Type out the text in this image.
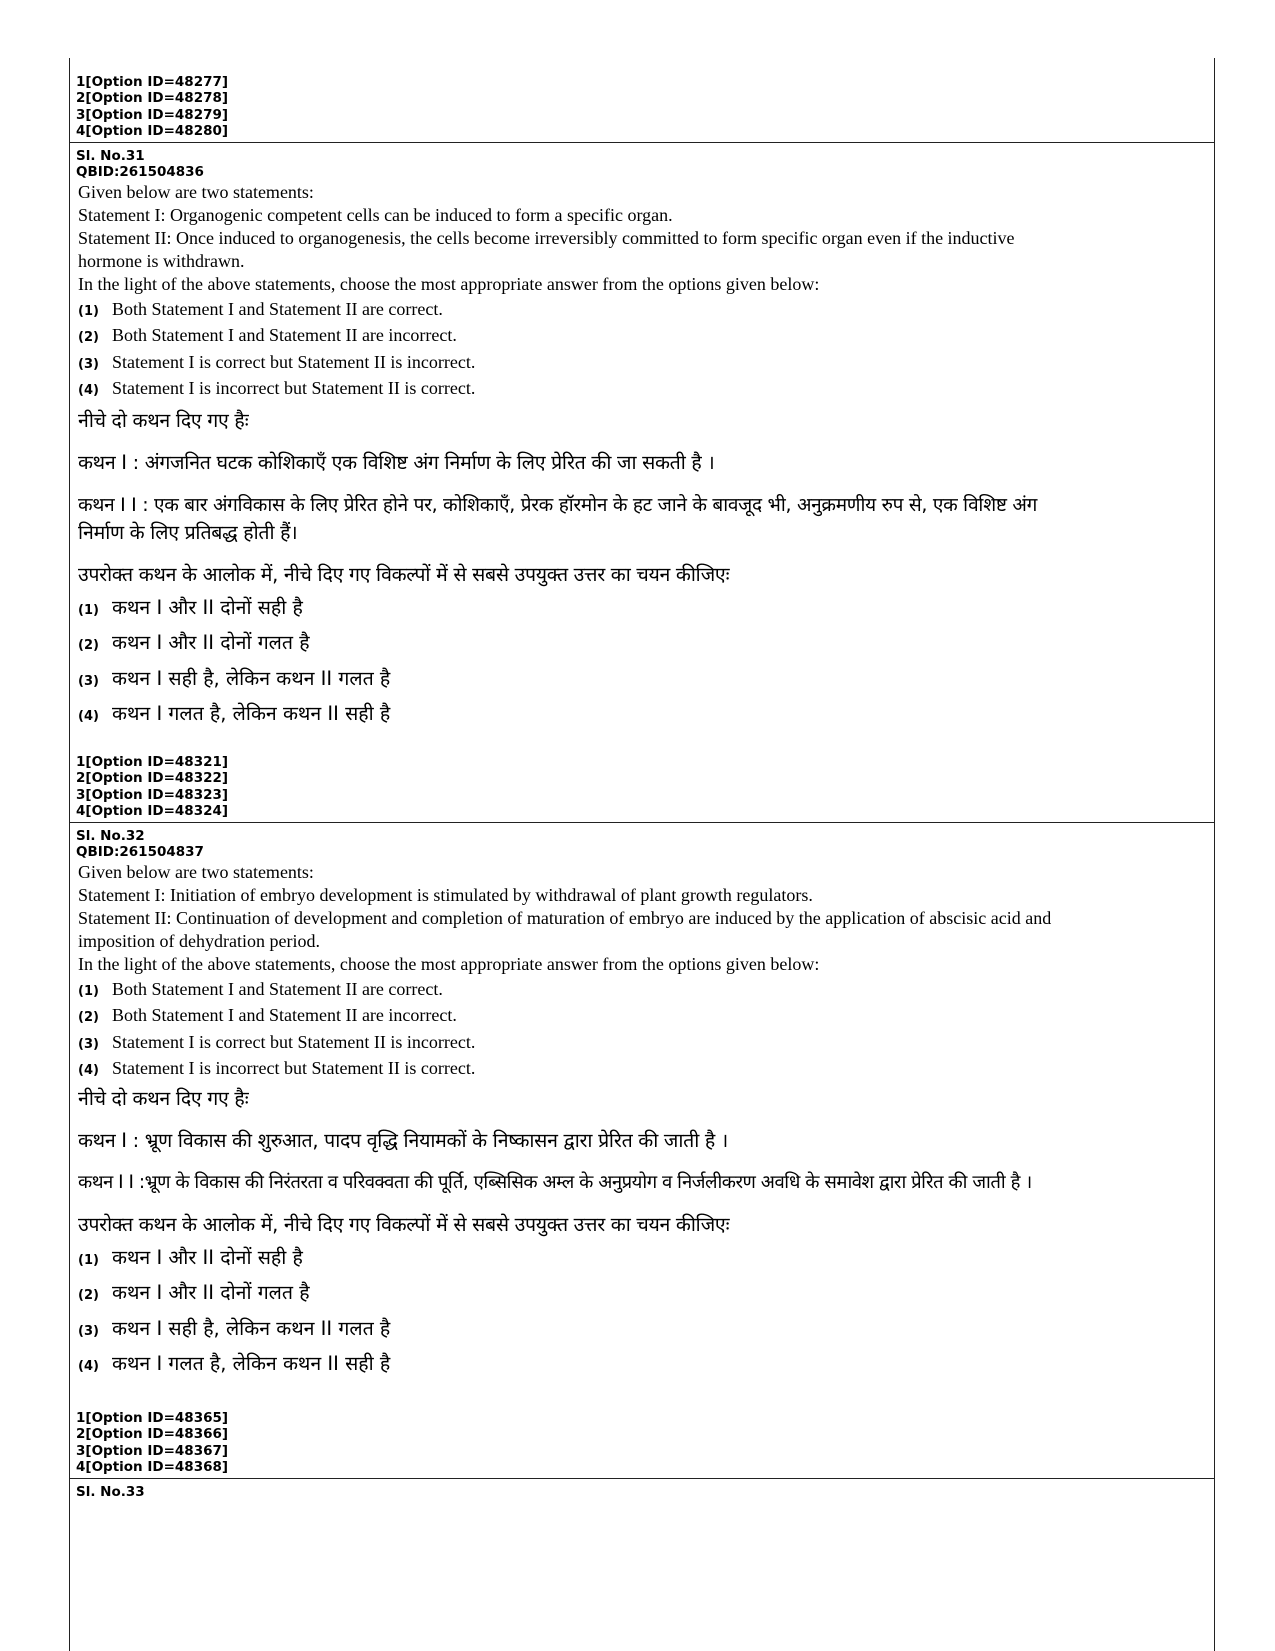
1[Option ID=48277]
2[Option ID=48278]
3[Option ID=48279]
4[Option ID=48280]
Sl. No.31
QBID:261504836
Given below are two statements:
Statement I: Organogenic competent cells can be induced to form a specific organ.
Statement II: Once induced to organogenesis, the cells become irreversibly committed to form specific organ even if the inductive
hormone is withdrawn.
In the light of the above statements, choose the most appropriate answer from the options given below:
(1) Both Statement I and Statement II are correct.
(2) Both Statement I and Statement II are incorrect.
(3) Statement I is correct but Statement II is incorrect.
(4) Statement I is incorrect but Statement II is correct.
नीचे दो कथन दिए गए हैः
कथन I : अंगजनित घटक कोशिकाएँ एक विशिष्ट अंग निर्माण के लिए प्रेरित की जा सकती है ।
कथन I I : एक बार अंगविकास के लिए प्रेरित होने पर, कोशिकाएँ, प्रेरक हॉरमोन के हट जाने के बावजूद भी, अनुक्रमणीय रुप से, एक विशिष्ट अंग
निर्माण के लिए प्रतिबद्ध होती हैं।
उपरोक्त कथन के आलोक में, नीचे दिए गए विकल्पों में से सबसे उपयुक्त उत्तर का चयन कीजिएः
(1) कथन I और II दोनों सही है
(2) कथन I और II दोनों गलत है
(3) कथन I सही है, लेकिन कथन II गलत है
(4) कथन I गलत है, लेकिन कथन II सही है
1[Option ID=48321]
2[Option ID=48322]
3[Option ID=48323]
4[Option ID=48324]
Sl. No.32
QBID:261504837
Given below are two statements:
Statement I: Initiation of embryo development is stimulated by withdrawal of plant growth regulators.
Statement II: Continuation of development and completion of maturation of embryo are induced by the application of abscisic acid and
imposition of dehydration period.
In the light of the above statements, choose the most appropriate answer from the options given below:
(1) Both Statement I and Statement II are correct.
(2) Both Statement I and Statement II are incorrect.
(3) Statement I is correct but Statement II is incorrect.
(4) Statement I is incorrect but Statement II is correct.
नीचे दो कथन दिए गए हैः
कथन I : भ्रूण विकास की शुरुआत, पादप वृद्धि नियामकों के निष्कासन द्वारा प्रेरित की जाती है ।
कथन I I :भ्रूण के विकास की निरंतरता व परिवक्वता की पूर्ति, एब्सिसिक अम्ल के अनुप्रयोग व निर्जलीकरण अवधि के समावेश द्वारा प्रेरित की जाती है ।
उपरोक्त कथन के आलोक में, नीचे दिए गए विकल्पों में से सबसे उपयुक्त उत्तर का चयन कीजिएः
(1) कथन I और II दोनों सही है
(2) कथन I और II दोनों गलत है
(3) कथन I सही है, लेकिन कथन II गलत है
(4) कथन I गलत है, लेकिन कथन II सही है
1[Option ID=48365]
2[Option ID=48366]
3[Option ID=48367]
4[Option ID=48368]
Sl. No.33
